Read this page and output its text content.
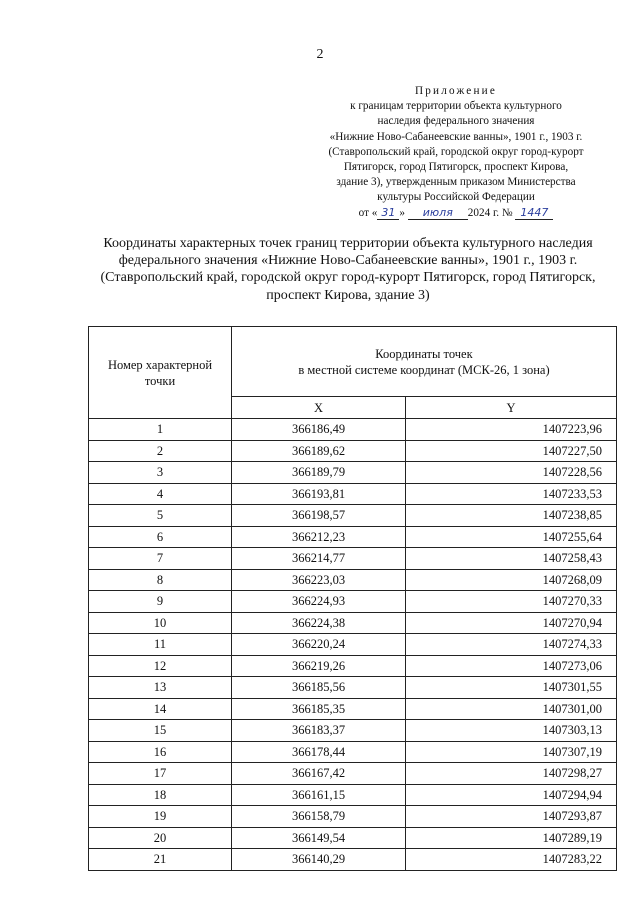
2
Приложение
к границам территории объекта культурного
наследия федерального значения
«Нижние Ново-Сабанеевские ванны», 1901 г., 1903 г.
(Ставропольский край, городской округ город-курорт
Пятигорск, город Пятигорск, проспект Кирова,
здание 3), утвержденным приказом Министерства
культуры Российской Федерации
от « 31 » июля 2024 г. № 1447
Координаты характерных точек границ территории объекта культурного наследия
федерального значения «Нижние Ново-Сабанеевские ванны», 1901 г., 1903 г.
(Ставропольский край, городской округ город-курорт Пятигорск, город Пятигорск,
проспект Кирова, здание 3)
Номер характерной точки	Координаты точек
в местной системе координат (МСК-26, 1 зона)	

	X	Y
1	366186,49	1407223,96
2	366189,62	1407227,50
3	366189,79	1407228,56
4	366193,81	1407233,53
5	366198,57	1407238,85
6	366212,23	1407255,64
7	366214,77	1407258,43
8	366223,03	1407268,09
9	366224,93	1407270,33
10	366224,38	1407270,94
11	366220,24	1407274,33
12	366219,26	1407273,06
13	366185,56	1407301,55
14	366185,35	1407301,00
15	366183,37	1407303,13
16	366178,44	1407307,19
17	366167,42	1407298,27
18	366161,15	1407294,94
19	366158,79	1407293,87
20	366149,54	1407289,19
21	366140,29	1407283,22
